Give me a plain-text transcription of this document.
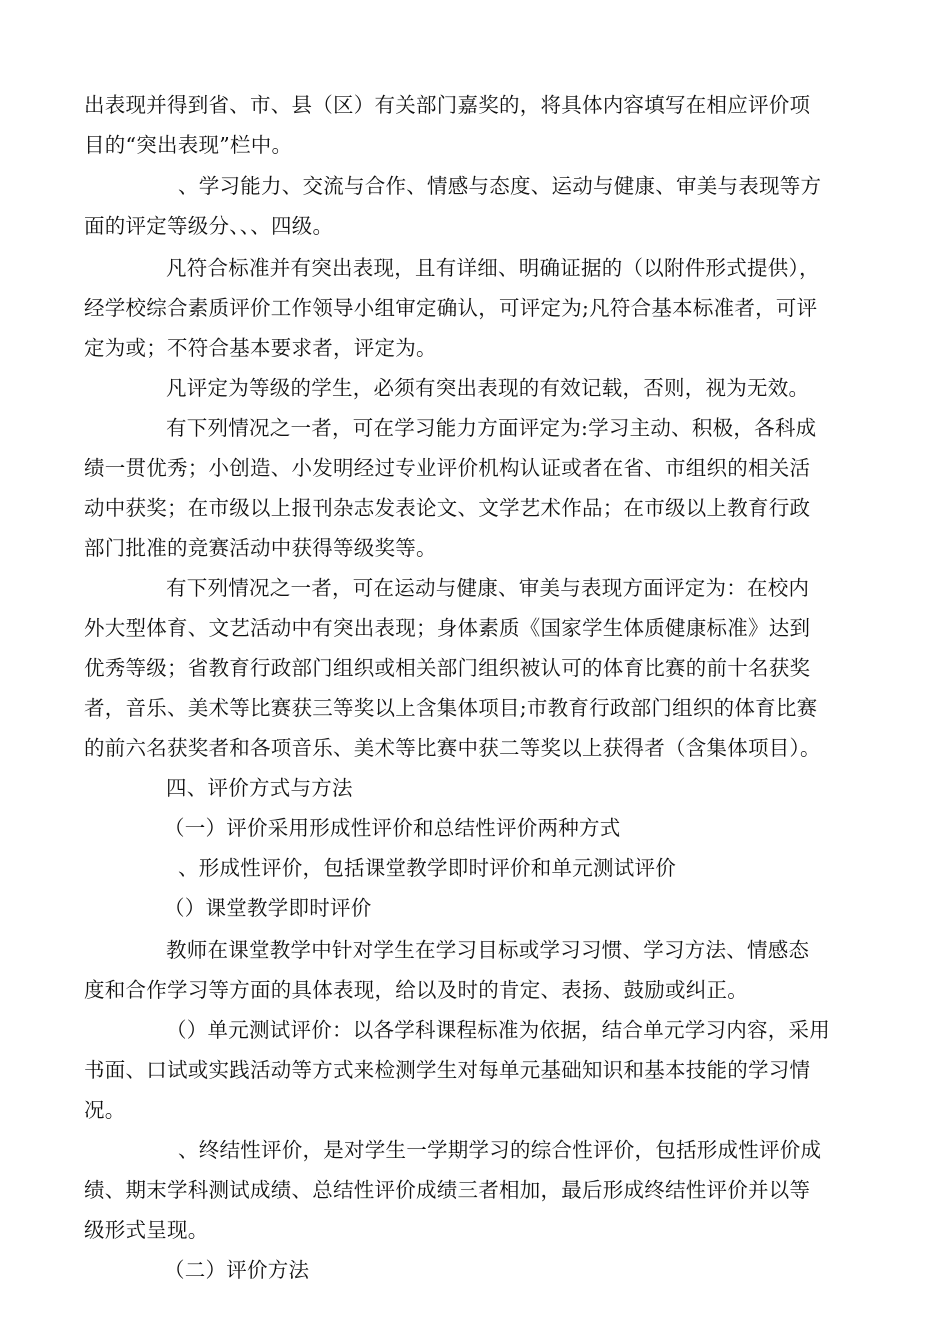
出表现并得到省、市、县（区）有关部门嘉奖的，将具体内容填写在相应评价项
目的“突出表现”栏中。
、学习能力、交流与合作、情感与态度、运动与健康、审美与表现等方
面的评定等级分、、、四级。
凡符合标准并有突出表现，且有详细、明确证据的（以附件形式提供），
经学校综合素质评价工作领导小组审定确认，可评定为;凡符合基本标准者，可评
定为或；不符合基本要求者，评定为。
凡评定为等级的学生，必须有突出表现的有效记载，否则，视为无效。
有下列情况之一者，可在学习能力方面评定为:学习主动、积极，各科成
绩一贯优秀；小创造、小发明经过专业评价机构认证或者在省、市组织的相关活
动中获奖；在市级以上报刊杂志发表论文、文学艺术作品；在市级以上教育行政
部门批准的竞赛活动中获得等级奖等。
有下列情况之一者，可在运动与健康、审美与表现方面评定为：在校内
外大型体育、文艺活动中有突出表现；身体素质《国家学生体质健康标准》达到
优秀等级；省教育行政部门组织或相关部门组织被认可的体育比赛的前十名获奖
者，音乐、美术等比赛获三等奖以上含集体项目;市教育行政部门组织的体育比赛
的前六名获奖者和各项音乐、美术等比赛中获二等奖以上获得者（含集体项目）。
四、评价方式与方法
（一）评价采用形成性评价和总结性评价两种方式
、形成性评价，包括课堂教学即时评价和单元测试评价
（）课堂教学即时评价
教师在课堂教学中针对学生在学习目标或学习习惯、学习方法、情感态
度和合作学习等方面的具体表现，给以及时的肯定、表扬、鼓励或纠正。
（）单元测试评价：以各学科课程标准为依据，结合单元学习内容，采用
书面、口试或实践活动等方式来检测学生对每单元基础知识和基本技能的学习情
况。
、终结性评价，是对学生一学期学习的综合性评价，包括形成性评价成
绩、期末学科测试成绩、总结性评价成绩三者相加，最后形成终结性评价并以等
级形式呈现。
（二）评价方法
